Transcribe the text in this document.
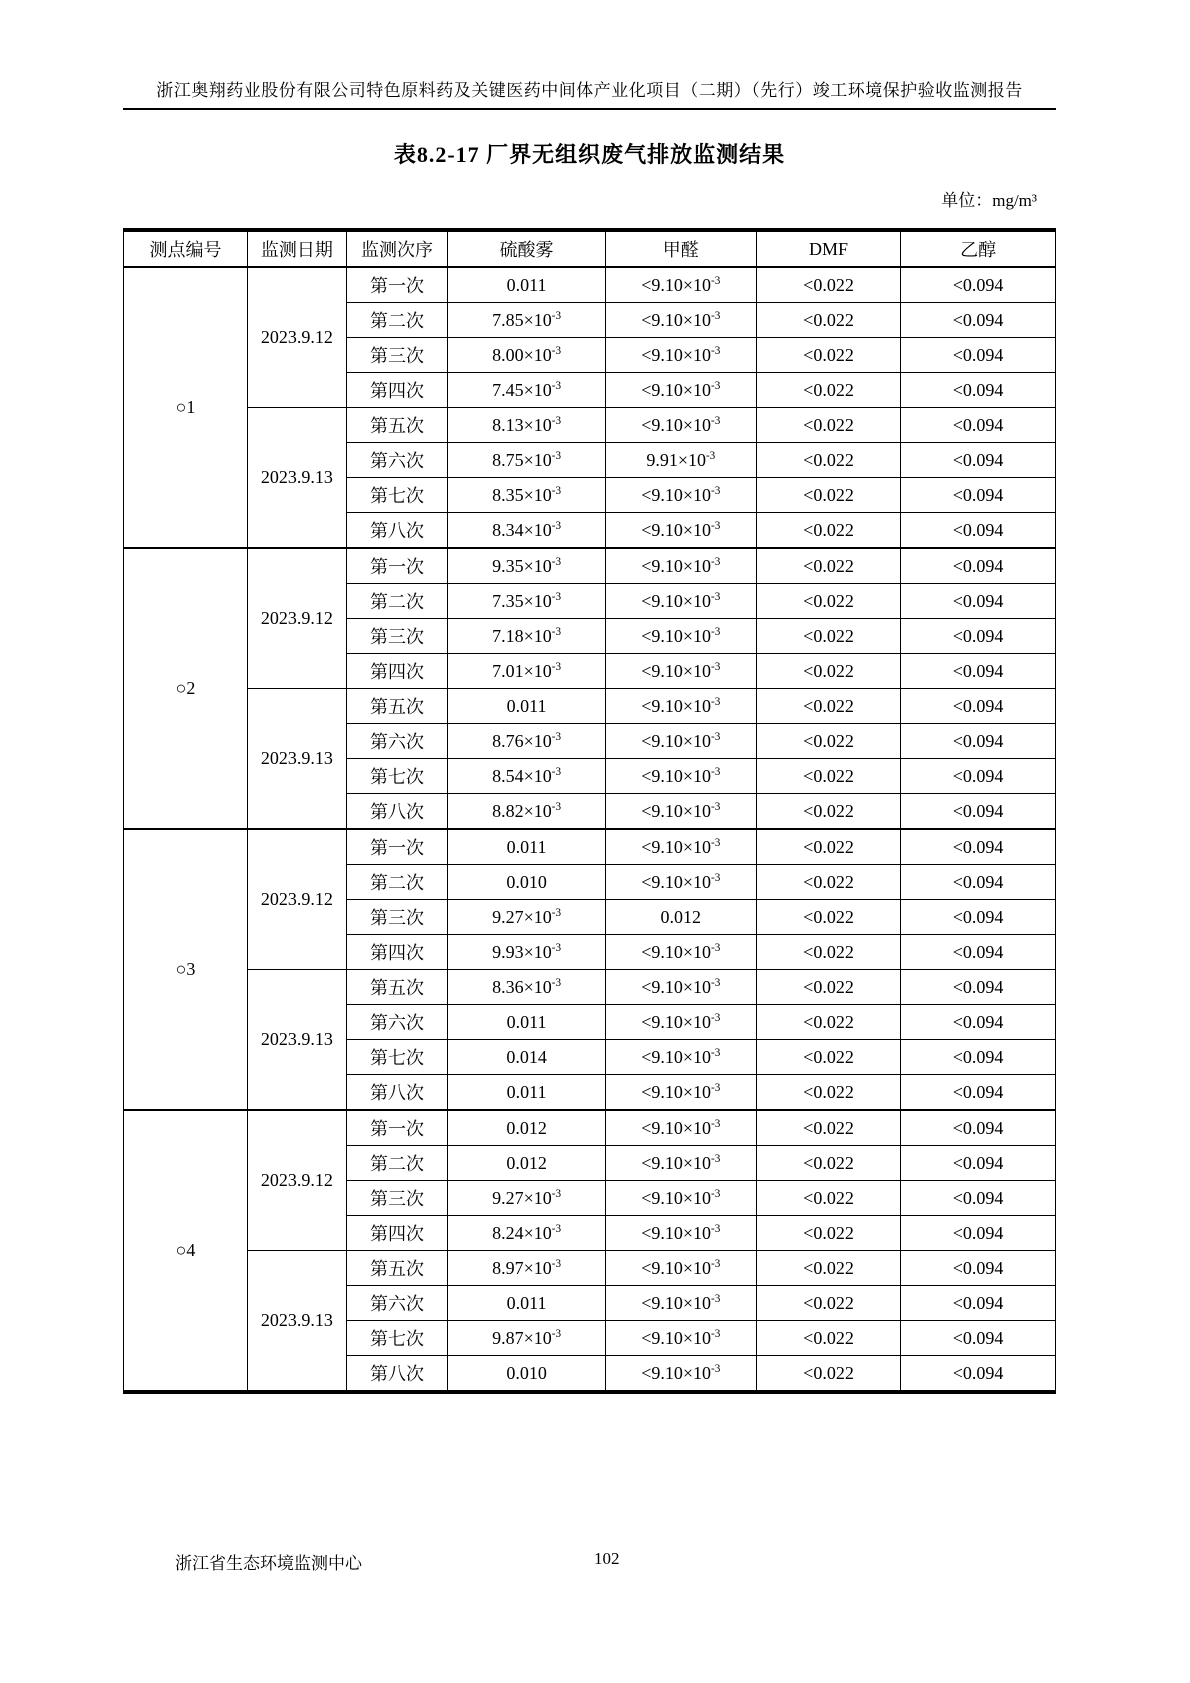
浙江奥翔药业股份有限公司特色原料药及关键医药中间体产业化项目（二期）（先行）竣工环境保护验收监测报告
表8.2-17 厂界无组织废气排放监测结果
单位：mg/m³
测点编号	监测日期	监测次序	硫酸雾	甲醛	DMF	乙醇
○1	2023.9.12	第一次	0.011	$<9.10\times 10^{-3}$	<0.022	<0.094
		第二次	$7.85\times 10^{-3}$	$<9.10\times 10^{-3}$	<0.022	<0.094
		第三次	$8.00\times 10^{-3}$	$<9.10\times 10^{-3}$	<0.022	<0.094
		第四次	$7.45\times 10^{-3}$	$<9.10\times 10^{-3}$	<0.022	<0.094
	2023.9.13	第五次	$8.13\times 10^{-3}$	$<9.10\times 10^{-3}$	<0.022	<0.094
		第六次	$8.75\times 10^{-3}$	$9.91\times 10^{-3}$	<0.022	<0.094
		第七次	$8.35\times 10^{-3}$	$<9.10\times 10^{-3}$	<0.022	<0.094
		第八次	$8.34\times 10^{-3}$	$<9.10\times 10^{-3}$	<0.022	<0.094
○2	2023.9.12	第一次	$9.35\times 10^{-3}$	$<9.10\times 10^{-3}$	<0.022	<0.094
		第二次	$7.35\times 10^{-3}$	$<9.10\times 10^{-3}$	<0.022	<0.094
		第三次	$7.18\times 10^{-3}$	$<9.10\times 10^{-3}$	<0.022	<0.094
		第四次	$7.01\times 10^{-3}$	$<9.10\times 10^{-3}$	<0.022	<0.094
	2023.9.13	第五次	0.011	$<9.10\times 10^{-3}$	<0.022	<0.094
		第六次	$8.76\times 10^{-3}$	$<9.10\times 10^{-3}$	<0.022	<0.094
		第七次	$8.54\times 10^{-3}$	$<9.10\times 10^{-3}$	<0.022	<0.094
		第八次	$8.82\times 10^{-3}$	$<9.10\times 10^{-3}$	<0.022	<0.094
○3	2023.9.12	第一次	0.011	$<9.10\times 10^{-3}$	<0.022	<0.094
		第二次	0.010	$<9.10\times 10^{-3}$	<0.022	<0.094
		第三次	$9.27\times 10^{-3}$	0.012	<0.022	<0.094
		第四次	$9.93\times 10^{-3}$	$<9.10\times 10^{-3}$	<0.022	<0.094
	2023.9.13	第五次	$8.36\times 10^{-3}$	$<9.10\times 10^{-3}$	<0.022	<0.094
		第六次	0.011	$<9.10\times 10^{-3}$	<0.022	<0.094
		第七次	0.014	$<9.10\times 10^{-3}$	<0.022	<0.094
		第八次	0.011	$<9.10\times 10^{-3}$	<0.022	<0.094
○4	2023.9.12	第一次	0.012	$<9.10\times 10^{-3}$	<0.022	<0.094
		第二次	0.012	$<9.10\times 10^{-3}$	<0.022	<0.094
		第三次	$9.27\times 10^{-3}$	$<9.10\times 10^{-3}$	<0.022	<0.094
		第四次	$8.24\times 10^{-3}$	$<9.10\times 10^{-3}$	<0.022	<0.094
	2023.9.13	第五次	$8.97\times 10^{-3}$	$<9.10\times 10^{-3}$	<0.022	<0.094
		第六次	0.011	$<9.10\times 10^{-3}$	<0.022	<0.094
		第七次	$9.87\times 10^{-3}$	$<9.10\times 10^{-3}$	<0.022	<0.094
		第八次	0.010	$<9.10\times 10^{-3}$	<0.022	<0.094
浙江省生态环境监测中心	102
